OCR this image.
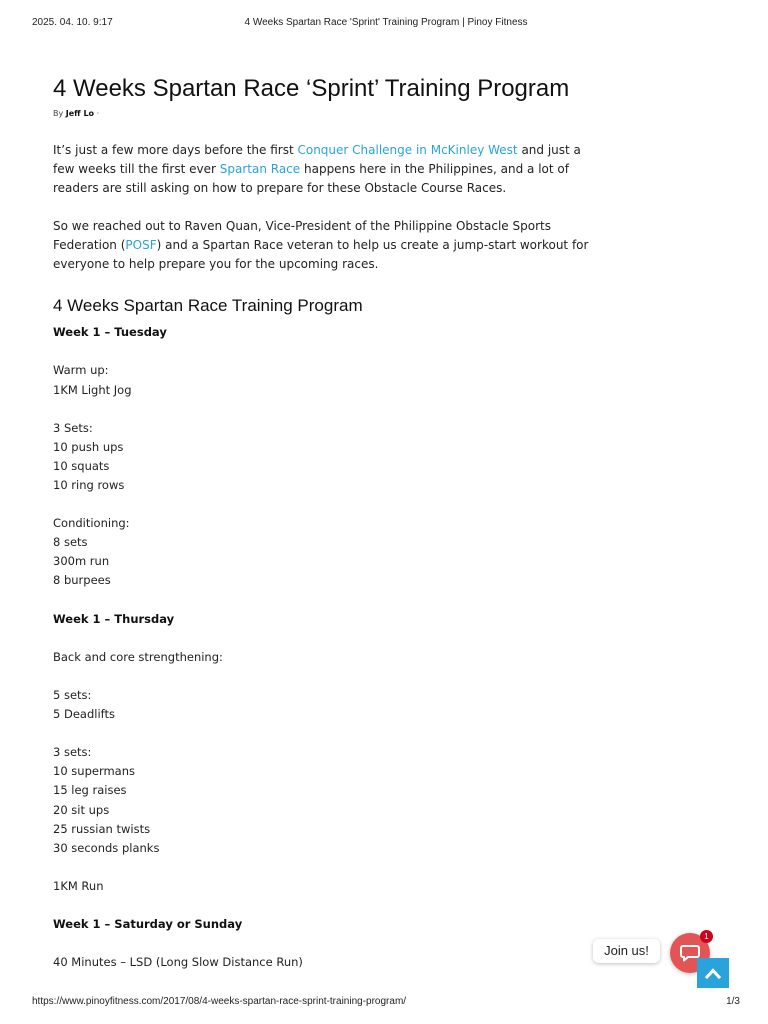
2025. 04. 10. 9:17	4 Weeks Spartan Race 'Sprint' Training Program | Pinoy Fitness
4 Weeks Spartan Race ‘Sprint’ Training Program
By Jeff Lo ·

It’s just a few more days before the first Conquer Challenge in McKinley West and just a few weeks till the first ever Spartan Race happens here in the Philippines, and a lot of readers are still asking on how to prepare for these Obstacle Course Races.

So we reached out to Raven Quan, Vice-President of the Philippine Obstacle Sports Federation (POSF) and a Spartan Race veteran to help us create a jump-start workout for everyone to help prepare you for the upcoming races.

4 Weeks Spartan Race Training Program
Week 1 – Tuesday
Warm up:
1KM Light Jog
3 Sets:
10 push ups
10 squats
10 ring rows
Conditioning:
8 sets
300m run
8 burpees
Week 1 – Thursday
Back and core strengthening:
5 sets:
5 Deadlifts
3 sets:
10 supermans
15 leg raises
20 sit ups
25 russian twists
30 seconds planks
1KM Run
Week 1 – Saturday or Sunday
40 Minutes – LSD (Long Slow Distance Run)
Join us!
1
https://www.pinoyfitness.com/2017/08/4-weeks-spartan-race-sprint-training-program/	1/3
